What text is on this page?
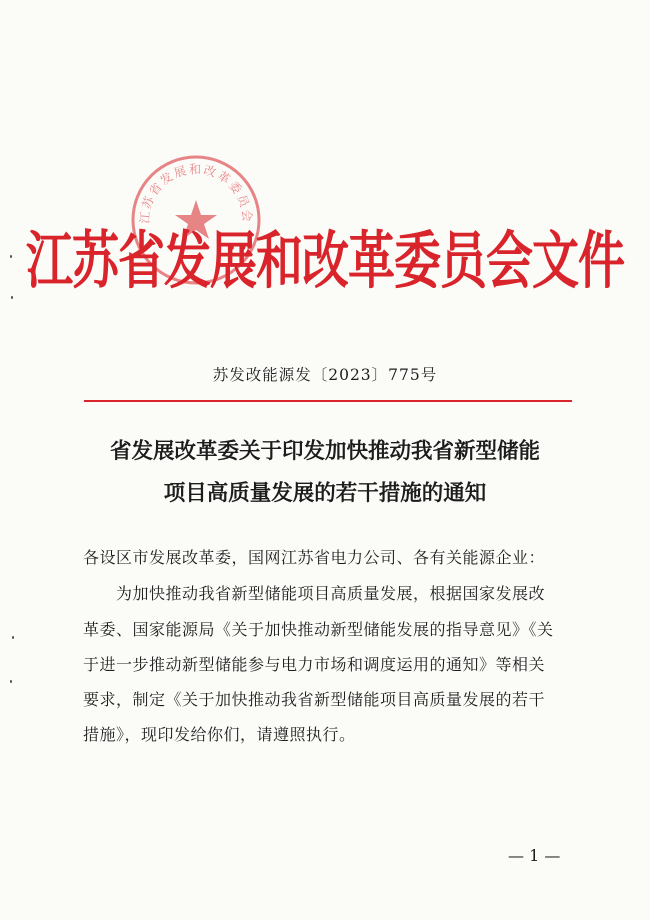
江苏省发展和改革委员会
江苏省发展和改革委员会文件
苏发改能源发〔2023〕775号
省发展改革委关于印发加快推动我省新型储能
项目高质量发展的若干措施的通知
各设区市发展改革委，国网江苏省电力公司、各有关能源企业：
为加快推动我省新型储能项目高质量发展，根据国家发展改
革委、国家能源局《关于加快推动新型储能发展的指导意见》《关
于进一步推动新型储能参与电力市场和调度运用的通知》等相关
要求，制定《关于加快推动我省新型储能项目高质量发展的若干
措施》，现印发给你们，请遵照执行。
— 1 —
